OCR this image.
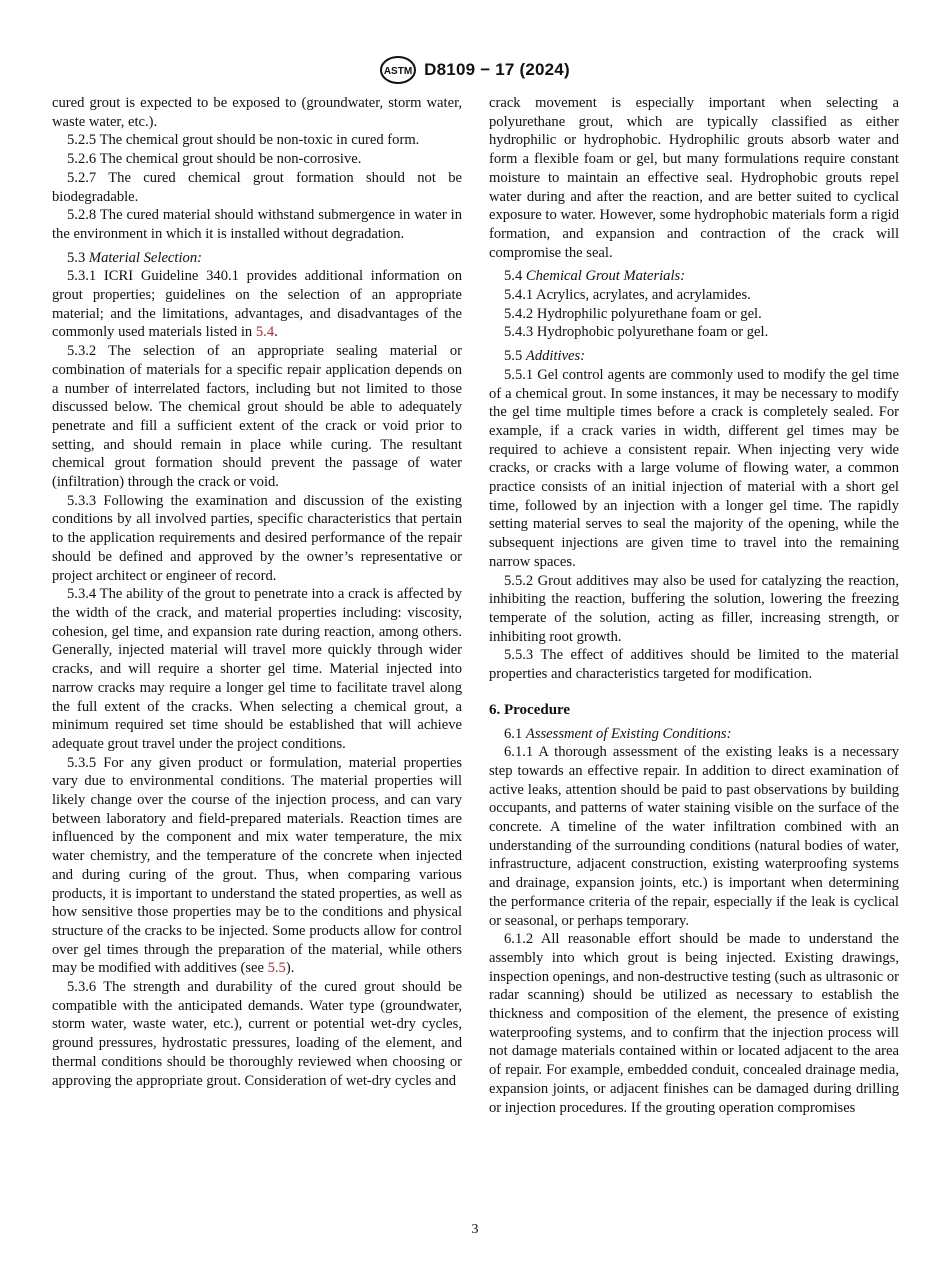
ASTM D8109 − 17 (2024)

cured grout is expected to be exposed to (groundwater, storm water, waste water, etc.).

5.2.5 The chemical grout should be non-toxic in cured form.

5.2.6 The chemical grout should be non-corrosive.

5.2.7 The cured chemical grout formation should not be biodegradable.

5.2.8 The cured material should withstand submergence in water in the environment in which it is installed without degradation.

5.3 Material Selection:

5.3.1 ICRI Guideline 340.1 provides additional information on grout properties; guidelines on the selection of an appropriate material; and the limitations, advantages, and disadvantages of the commonly used materials listed in 5.4.

5.3.2 The selection of an appropriate sealing material or combination of materials for a specific repair application depends on a number of interrelated factors, including but not limited to those discussed below. The chemical grout should be able to adequately penetrate and fill a sufficient extent of the crack or void prior to setting, and should remain in place while curing. The resultant chemical grout formation should prevent the passage of water (infiltration) through the crack or void.

5.3.3 Following the examination and discussion of the existing conditions by all involved parties, specific characteristics that pertain to the application requirements and desired performance of the repair should be defined and approved by the owner’s representative or project architect or engineer of record.

5.3.4 The ability of the grout to penetrate into a crack is affected by the width of the crack, and material properties including: viscosity, cohesion, gel time, and expansion rate during reaction, among others. Generally, injected material will travel more quickly through wider cracks, and will require a shorter gel time. Material injected into narrow cracks may require a longer gel time to facilitate travel along the full extent of the cracks. When selecting a chemical grout, a minimum required set time should be established that will achieve adequate grout travel under the project conditions.

5.3.5 For any given product or formulation, material properties vary due to environmental conditions. The material properties will likely change over the course of the injection process, and can vary between laboratory and field-prepared materials. Reaction times are influenced by the component and mix water temperature, the mix water chemistry, and the temperature of the concrete when injected and during curing of the grout. Thus, when comparing various products, it is important to understand the stated properties, as well as how sensitive those properties may be to the conditions and physical structure of the cracks to be injected. Some products allow for control over gel times through the preparation of the material, while others may be modified with additives (see 5.5).

5.3.6 The strength and durability of the cured grout should be compatible with the anticipated demands. Water type (groundwater, storm water, waste water, etc.), current or potential wet-dry cycles, ground pressures, hydrostatic pressures, loading of the element, and thermal conditions should be thoroughly reviewed when choosing or approving the appropriate grout. Consideration of wet-dry cycles and

crack movement is especially important when selecting a polyurethane grout, which are typically classified as either hydrophilic or hydrophobic. Hydrophilic grouts absorb water and form a flexible foam or gel, but many formulations require constant moisture to maintain an effective seal. Hydrophobic grouts repel water during and after the reaction, and are better suited to cyclical exposure to water. However, some hydrophobic materials form a rigid formation, and expansion and contraction of the crack will compromise the seal.

5.4 Chemical Grout Materials:

5.4.1 Acrylics, acrylates, and acrylamides.

5.4.2 Hydrophilic polyurethane foam or gel.

5.4.3 Hydrophobic polyurethane foam or gel.

5.5 Additives:

5.5.1 Gel control agents are commonly used to modify the gel time of a chemical grout. In some instances, it may be necessary to modify the gel time multiple times before a crack is completely sealed. For example, if a crack varies in width, different gel times may be required to achieve a consistent repair. When injecting very wide cracks, or cracks with a large volume of flowing water, a common practice consists of an initial injection of material with a short gel time, followed by an injection with a longer gel time. The rapidly setting material serves to seal the majority of the opening, while the subsequent injections are given time to travel into the remaining narrow spaces.

5.5.2 Grout additives may also be used for catalyzing the reaction, inhibiting the reaction, buffering the solution, lowering the freezing temperate of the solution, acting as filler, increasing strength, or inhibiting root growth.

5.5.3 The effect of additives should be limited to the material properties and characteristics targeted for modification.

6. Procedure

6.1 Assessment of Existing Conditions:

6.1.1 A thorough assessment of the existing leaks is a necessary step towards an effective repair. In addition to direct examination of active leaks, attention should be paid to past observations by building occupants, and patterns of water staining visible on the surface of the concrete. A timeline of the water infiltration combined with an understanding of the surrounding conditions (natural bodies of water, infrastructure, adjacent construction, existing waterproofing systems and drainage, expansion joints, etc.) is important when determining the performance criteria of the repair, especially if the leak is cyclical or seasonal, or perhaps temporary.

6.1.2 All reasonable effort should be made to understand the assembly into which grout is being injected. Existing drawings, inspection openings, and non-destructive testing (such as ultrasonic or radar scanning) should be utilized as necessary to establish the thickness and composition of the element, the presence of existing waterproofing systems, and to confirm that the injection process will not damage materials contained within or located adjacent to the area of repair. For example, embedded conduit, concealed drainage media, expansion joints, or adjacent finishes can be damaged during drilling or injection procedures. If the grouting operation compromises

3
